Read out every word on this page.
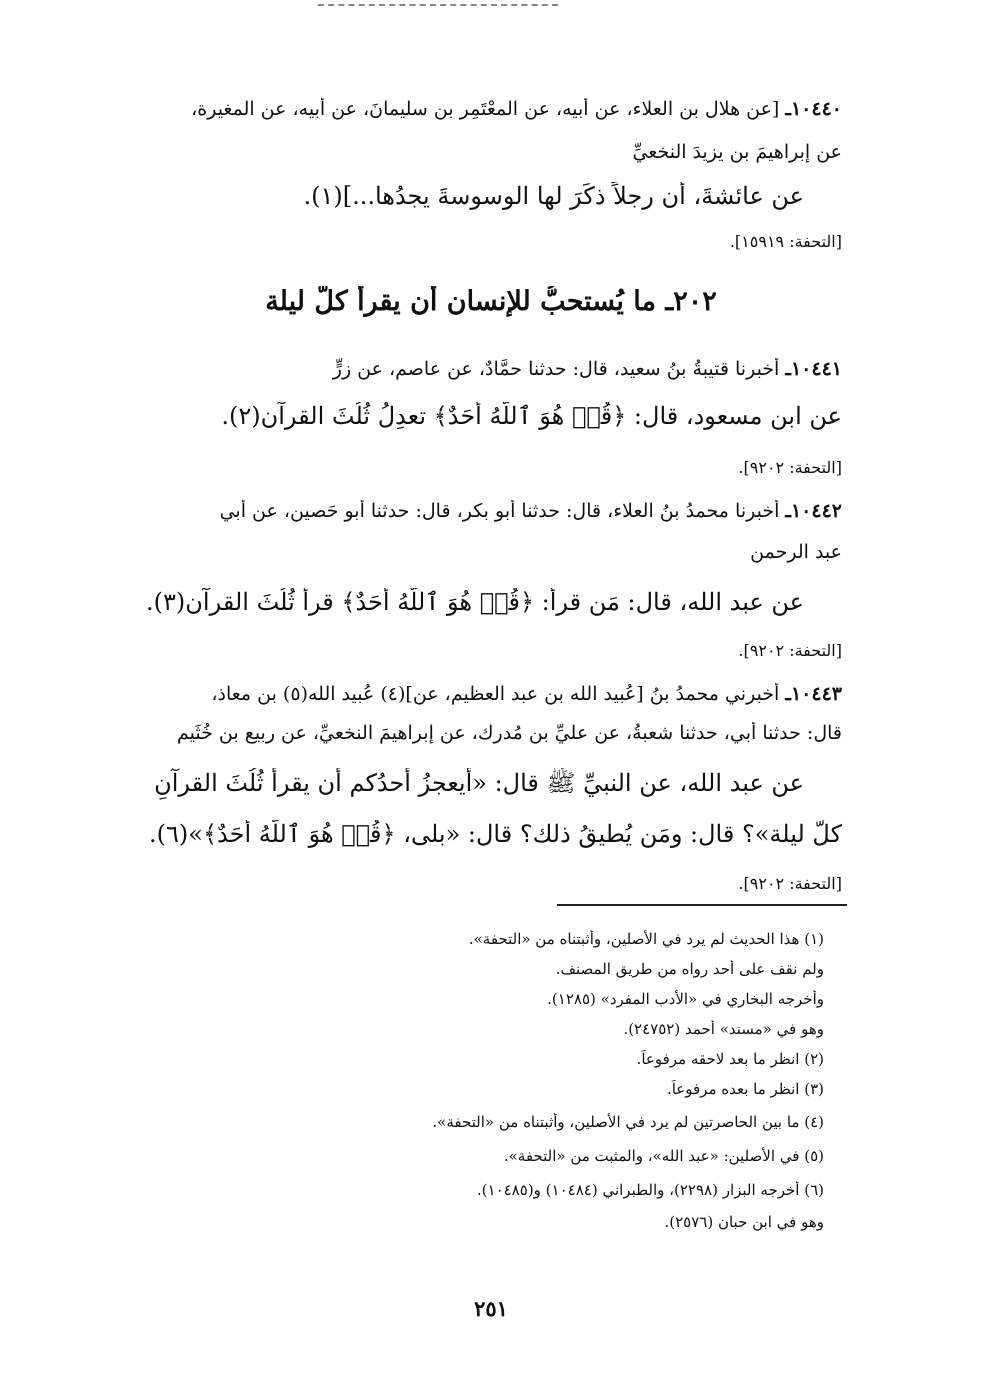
١٠٤٤٠ـ [عن هلال بنِ العلاء، عن أبيه، عن المعْتَمِرِ بن سليمانَ، عن أبيه، عن المغيرة،
عن إبراهيمَ بن يزيدَ النخعيِّ
عن عائشةَ، أن رجلاً ذكَرَ لها الوسوسةَ يجدُها...](١).
[التحفة: ١٥٩١٩].
٢٠٢ـ ما يُستحبُّ للإنسان أن يقرأَ كلَّ ليلة
١٠٤٤١ـ أخبرنا قتيبةُ بنُ سعيد، قال: حدثنا حمَّادٌ، عن عاصمٍ، عن زرٍّ
عن ابن مسعود، قال: ﴿قُلۡ هُوَ ٱللَّهُ أَحَدٌ﴾ تعدِلُ ثُلُثَ القرآن(٢).
[التحفة: ٩٢٠٢].
١٠٤٤٢ـ أخبرنا محمدُ بنُ العلاء، قال: حدثنا أبو بكر، قال: حدثنا أبو حَصين، عن أبي
عبد الرحمن
عن عبد الله، قال: مَن قرأ: ﴿قُلۡ هُوَ ٱللَّهُ أَحَدٌ﴾ قرأ ثُلُثَ القرآن(٣).
[التحفة: ٩٢٠٢].
١٠٤٤٣ـ أخبرني محمدُ بنُ [عُبيد الله بن عبد العظيم، عن](٤) عُبيد الله(٥) بن معاذ،
قال: حدثنا أبي، حدثنا شعبةُ، عن عليِّ بن مُدرك، عن إبراهيمَ النخعيِّ، عن ربيع بن خُثَيم
عن عبد الله، عن النبيِّ ﷺ قال: «أيعجزُ أحدُكم أن يقرأَ ثُلُثَ القرآنِ
كلَّ ليلة»؟ قال: ومَن يُطيقُ ذلك؟ قال: «بلى، ﴿قُلۡ هُوَ ٱللَّهُ أَحَدٌ﴾»(٦).
[التحفة: ٩٢٠٢].
(١) هذا الحديث لم يرد في الأصلين، وأثبتناه من «التحفة».
ولم نقف على أحد رواه من طريق المصنف.
وأخرجه البخاري في «الأدب المفرد» (١٢٨٥).
وهو في «مسند» أحمد (٢٤٧٥٢).
(٢) انظر ما بعد لاحقه مرفوعاً.
(٣) انظر ما بعده مرفوعاً.
(٤) ما بين الحاصرتين لم يرد في الأصلين، وأثبتناه من «التحفة».
(٥) في الأصلين: «عبد الله»، والمثبت من «التحفة».
(٦) أخرجه البزار (٢٢٩٨)، والطبراني (١٠٤٨٤) و(١٠٤٨٥).
وهو في ابن حبان (٢٥٧٦).
٢٥١
